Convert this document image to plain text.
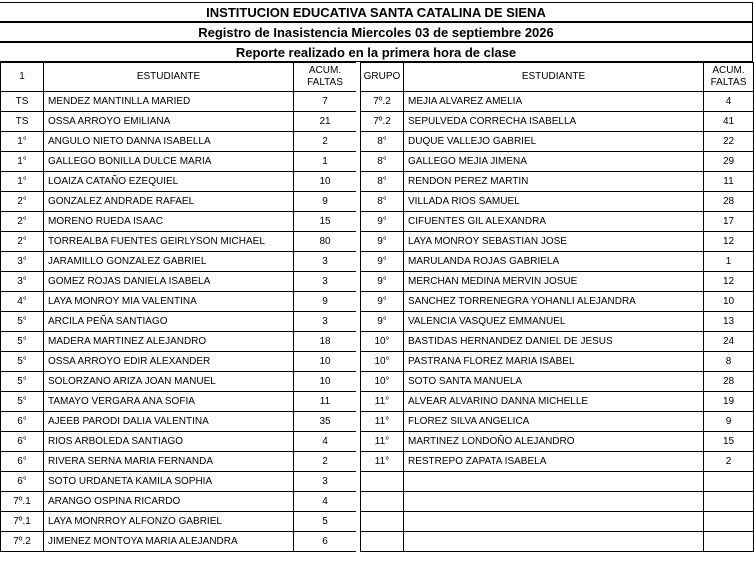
INSTITUCION EDUCATIVA SANTA CATALINA DE SIENA
Registro de Inasistencia Miercoles 03 de septiembre 2026
Reporte realizado en la primera hora de clase
1	ESTUDIANTE	ACUM.
FALTAS
TS	MENDEZ MANTINLLA MARIED	7
TS	OSSA ARROYO EMILIANA	21
1°	ANGULO NIETO DANNA ISABELLA	2
1°	GALLEGO BONILLA DULCE MARIA	1
1°	LOAIZA CATAÑO EZEQUIEL	10
2°	GONZALEZ ANDRADE RAFAEL	9
2°	MORENO RUEDA ISAAC	15
2°	TORREALBA FUENTES GEIRLYSON MICHAEL	80
3°	JARAMILLO GONZALEZ GABRIEL	3
3°	GOMEZ ROJAS DANIELA ISABELA	3
4°	LAYA MONROY MIA VALENTINA	9
5°	ARCILA PEÑA SANTIAGO	3
5°	MADERA MARTINEZ ALEJANDRO	18
5°	OSSA ARROYO EDIR ALEXANDER	10
5°	SOLORZANO ARIZA JOAN MANUEL	10
5°	TAMAYO VERGARA ANA SOFIA	11
6°	AJEEB PARODI DALIA VALENTINA	35
6°	RIOS ARBOLEDA SANTIAGO	4
6°	RIVERA SERNA MARIA FERNANDA	2
6°	SOTO URDANETA KAMILA SOPHIA	3
7º.1	ARANGO OSPINA RICARDO	4
7º.1	LAYA MONRROY ALFONZO GABRIEL	5
7º.2	JIMENEZ MONTOYA MARIA ALEJANDRA	6
GRUPO	ESTUDIANTE	ACUM.
FALTAS
7º.2	MEJIA ALVAREZ AMELIA	4
7º.2	SEPULVEDA CORRECHA ISABELLA	41
8°	DUQUE VALLEJO GABRIEL	22
8°	GALLEGO MEJIA JIMENA	29
8°	RENDON PEREZ MARTIN	11
8°	VILLADA RIOS SAMUEL	28
9°	CIFUENTES GIL ALEXANDRA	17
9°	LAYA MONROY SEBASTIAN JOSE	12
9°	MARULANDA ROJAS GABRIELA	1
9°	MERCHAN MEDINA MERVIN JOSUE	12
9°	SANCHEZ TORRENEGRA YOHANLI ALEJANDRA	10
9°	VALENCIA VASQUEZ EMMANUEL	13
10°	BASTIDAS HERNANDEZ DANIEL DE JESUS	24
10°	PASTRANA FLOREZ MARIA ISABEL	8
10°	SOTO SANTA MANUELA	28
11°	ALVEAR ALVARINO DANNA MICHELLE	19
11°	FLOREZ SILVA ANGELICA	9
11°	MARTINEZ LONDOÑO ALEJANDRO	15
11°	RESTREPO ZAPATA ISABELA	2
